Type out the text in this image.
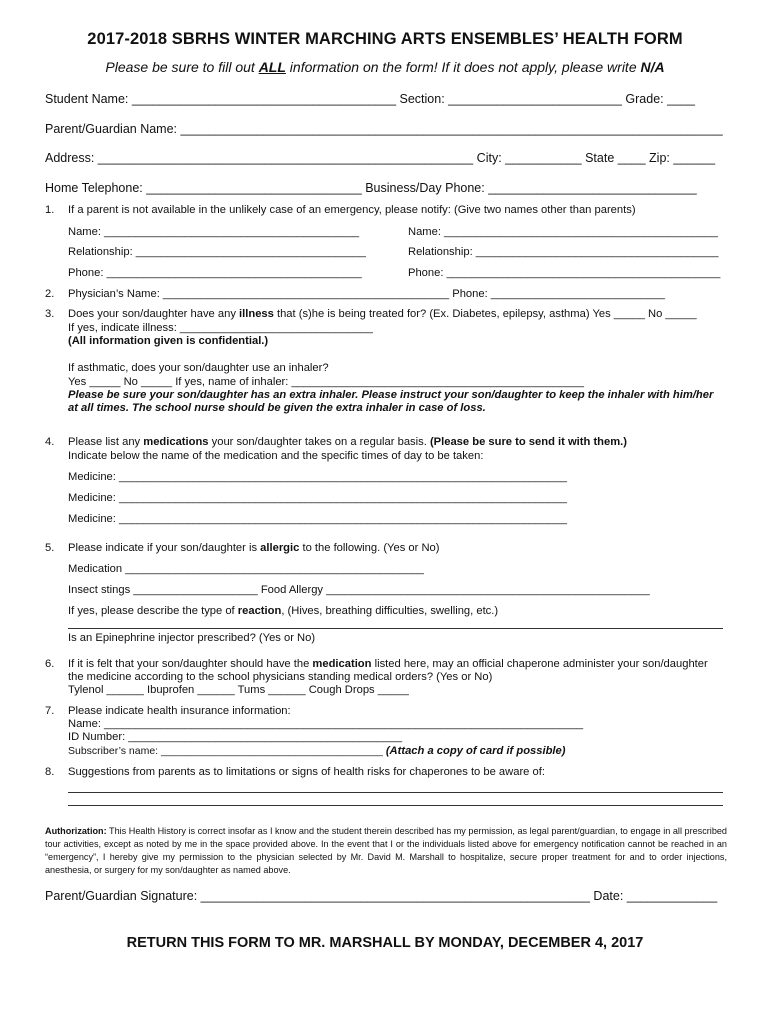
2017-2018 SBRHS WINTER MARCHING ARTS ENSEMBLES’ HEALTH FORM
Please be sure to fill out ALL information on the form! If it does not apply, please write N/A
Student Name: ______________________________________ Section: _________________________ Grade: ____
Parent/Guardian Name: ______________________________________________________________________________
Address: ______________________________________________________ City: ___________ State ____ Zip: ______
Home Telephone: _______________________________ Business/Day Phone: ______________________________
1. If a parent is not available in the unlikely case of an emergency, please notify: (Give two names other than parents)
Name: _________________________________________	Name: ____________________________________________
Relationship: _____________________________________	Relationship: _______________________________________
Phone: _________________________________________	Phone: ____________________________________________
2. Physician’s Name: ______________________________________________ Phone: ____________________________
3. Does your son/daughter have any illness that (s)he is being treated for? (Ex. Diabetes, epilepsy, asthma) Yes _____ No _____
If yes, indicate illness: _______________________________
(All information given is confidential.)
If asthmatic, does your son/daughter use an inhaler?
Yes _____ No _____ If yes, name of inhaler: _______________________________________________
Please be sure your son/daughter has an extra inhaler. Please instruct your son/daughter to keep the inhaler with him/her
at all times. The school nurse should be given the extra inhaler in case of loss.
4. Please list any medications your son/daughter takes on a regular basis. (Please be sure to send it with them.)
Indicate below the name of the medication and the specific times of day to be taken:
Medicine: ________________________________________________________________________
Medicine: ________________________________________________________________________
Medicine: ________________________________________________________________________
5. Please indicate if your son/daughter is allergic to the following. (Yes or No)
Medication ________________________________________________
Insect stings ____________________ Food Allergy ____________________________________________________
If yes, please describe the type of reaction, (Hives, breathing difficulties, swelling, etc.)
Is an Epinephrine injector prescribed? (Yes or No)
6. If it is felt that your son/daughter should have the medication listed here, may an official chaperone administer your son/daughter
the medicine according to the school physicians standing medical orders? (Yes or No)
Tylenol ______ Ibuprofen ______ Tums ______ Cough Drops _____
7. Please indicate health insurance information:
Name: _____________________________________________________________________________
ID Number: ____________________________________________
Subscriber’s name: ______________________________________ (Attach a copy of card if possible)
8. Suggestions from parents as to limitations or signs of health risks for chaperones to be aware of:
Authorization: This Health History is correct insofar as I know and the student therein described has my permission, as legal parent/guardian, to engage in all prescribed tour activities, except as noted by me in the space provided above. In the event that I or the individuals listed above for emergency notification cannot be reached in an “emergency”, I hereby give my permission to the physician selected by Mr. David M. Marshall to hospitalize, secure proper treatment for and to order injections, anesthesia, or surgery for my son/daughter as named above.
Parent/Guardian Signature: ________________________________________________________ Date: _____________
RETURN THIS FORM TO MR. MARSHALL BY MONDAY, DECEMBER 4, 2017
